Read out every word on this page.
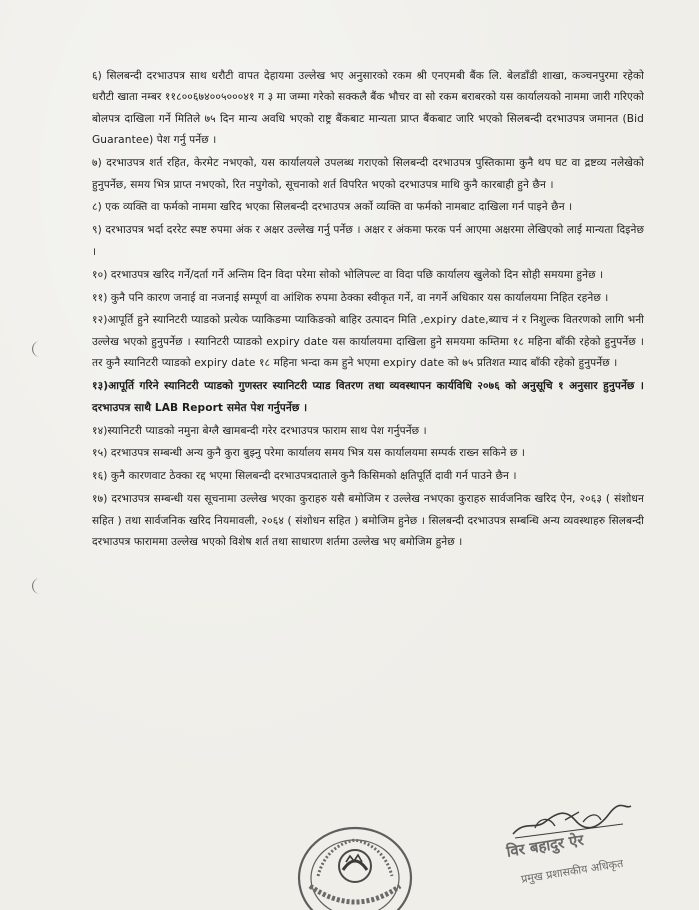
६) सिलबन्दी दरभाउपत्र साथ धरौटी वापत देहायमा उल्लेख भए अनुसारको रकम श्री एनएमबी बैंक लि. बेलडाँडी शाखा, कञ्चनपुरमा रहेको धरौटी खाता नम्बर ११८००६७४००५०००४१ ग ३ मा जम्मा गरेको सक्कलै बैंक भौचर वा सो रकम बराबरको यस कार्यालयको नाममा जारी गरिएको बोलपत्र दाखिला गर्ने मितिले ७५ दिन मान्य अवधि भएको राष्ट्र बैंकबाट मान्यता प्राप्त बैंकबाट जारि भएको सिलबन्दी दरभाउपत्र जमानत (Bid Guarantee) पेश गर्नु पर्नेछ ।

७) दरभाउपत्र शर्त रहित, केरमेट नभएको, यस कार्यालयले उपलब्ध गराएको सिलबन्दी दरभाउपत्र पुस्तिकामा कुनै थप घट वा द्रष्टव्य नलेखेको हुनुपर्नेछ, समय भित्र प्राप्त नभएको, रित नपुगेको, सूचनाको शर्त विपरित भएको दरभाउपत्र माथि कुनै कारबाही हुने छैन ।

८) एक व्यक्ति वा फर्मको नाममा खरिद भएका सिलबन्दी दरभाउपत्र अर्को व्यक्ति वा फर्मको नामबाट दाखिला गर्न पाइने छैन ।

९) दरभाउपत्र भर्दा दररेट स्पष्ट रुपमा अंक र अक्षर उल्लेख गर्नु पर्नेछ । अक्षर र अंकमा फरक पर्न आएमा अक्षरमा लेखिएको लाई मान्यता दिइनेछ ।

१०) दरभाउपत्र खरिद गर्ने/दर्ता गर्ने अन्तिम दिन विदा परेमा सोको भोलिपल्ट वा विदा पछि कार्यालय खुलेको दिन सोही समयमा हुनेछ ।

११) कुनै पनि कारण जनाई वा नजनाई सम्पूर्ण वा आंशिक रुपमा ठेक्का स्वीकृत गर्ने, वा नगर्ने अधिकार यस कार्यालयमा निहित रहनेछ ।

१२)आपूर्ति हुने स्यानिटरी प्याडको प्रत्येक प्याकिङमा प्याकिङको बाहिर उत्पादन मिति ,expiry date,ब्याच नं र निशुल्क वितरणको लागि भनी उल्लेख भएको हुनुपर्नेछ । स्यानिटरी प्याडको expiry date यस कार्यालयमा दाखिला हुने समयमा कम्तिमा १८ महिना बाँकी रहेको हुनुपर्नेछ । तर कुनै स्यानिटरी प्याडको expiry date १८ महिना भन्दा कम हुने भएमा expiry date को ७५ प्रतिशत म्याद बाँकी रहेको हुनुपर्नेछ ।

१३)आपूर्ति गरिने स्यानिटरी प्याडको गुणस्तर स्यानिटरी प्याड वितरण तथा व्यवस्थापन कार्यविधि २०७६ को अनुसूचि १ अनुसार हुनुपर्नेछ । दरभाउपत्र साथै LAB Report समेत पेश गर्नुपर्नेछ ।

१४)स्यानिटरी प्याडको नमुना बेग्लै खामबन्दी गरेर दरभाउपत्र फाराम साथ पेश गर्नुपर्नेछ ।

१५) दरभाउपत्र सम्बन्धी अन्य कुनै कुरा बुझ्नु परेमा कार्यालय समय भित्र यस कार्यालयमा सम्पर्क राख्न सकिने छ ।

१६) कुनै कारणवाट ठेक्का रद्द भएमा सिलबन्दी दरभाउपत्रदाताले कुनै किसिमको क्षतिपूर्ति दावी गर्न पाउने छैन ।

१७) दरभाउपत्र सम्बन्धी यस सूचनामा उल्लेख भएका कुराहरु यसै बमोजिम र उल्लेख नभएका कुराहरु सार्वजनिक खरिद ऐन, २०६३ ( संशोधन सहित ) तथा सार्वजनिक खरिद नियमावली, २०६४ ( संशोधन सहित ) बमोजिम हुनेछ । सिलबन्दी दरभाउपत्र सम्बन्धि अन्य व्यवस्थाहरु सिलबन्दी दरभाउपत्र फाराममा उल्लेख भएको विशेष शर्त तथा साधारण शर्तमा उल्लेख भए बमोजिम हुनेछ ।

विर बहादुर ऐर
प्रमुख प्रशासकीय अधिकृत
